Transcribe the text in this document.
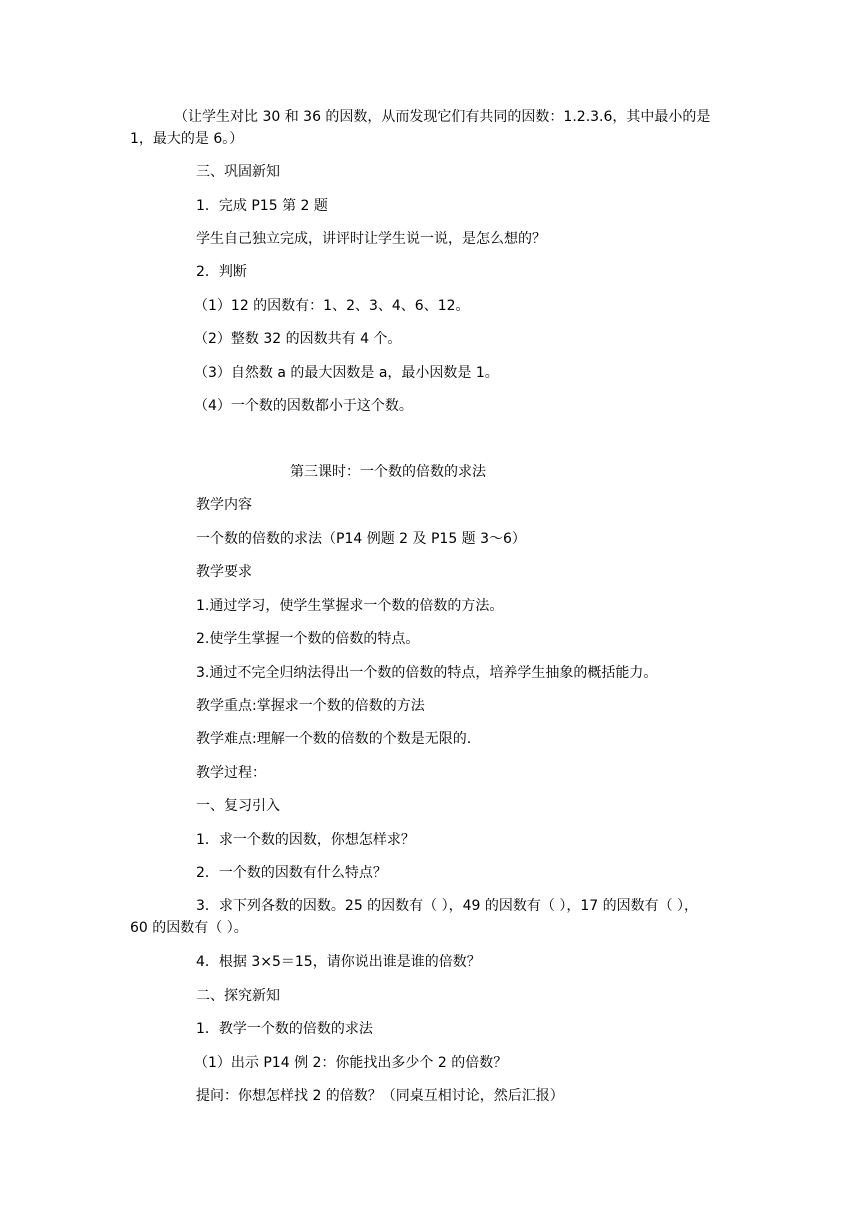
（让学生对比 30 和 36 的因数，从而发现它们有共同的因数：1.2.3.6，其中最小的是
1，最大的是 6。）
三、巩固新知
1．完成 P15 第 2 题
学生自己独立完成，讲评时让学生说一说，是怎么想的？
2．判断
（1）12 的因数有：1、2、3、4、6、12。
（2）整数 32 的因数共有 4 个。
（3）自然数 a 的最大因数是 a，最小因数是 1。
（4）一个数的因数都小于这个数。
第三课时：一个数的倍数的求法
教学内容
一个数的倍数的求法（P14 例题 2 及 P15 题 3～6）
教学要求
1.通过学习，使学生掌握求一个数的倍数的方法。
2.使学生掌握一个数的倍数的特点。
3.通过不完全归纳法得出一个数的倍数的特点，培养学生抽象的概括能力。
教学重点:掌握求一个数的倍数的方法
教学难点:理解一个数的倍数的个数是无限的.
教学过程：
一、复习引入
1．求一个数的因数，你想怎样求？
2．一个数的因数有什么特点？
3．求下列各数的因数。25 的因数有（ ），49 的因数有（ ），17 的因数有（ ），
60 的因数有（ ）。
4．根据 3×5＝15，请你说出谁是谁的倍数？
二、探究新知
1．教学一个数的倍数的求法
（1）出示 P14 例 2：你能找出多少个 2 的倍数？
提问：你想怎样找 2 的倍数？（同桌互相讨论，然后汇报）
